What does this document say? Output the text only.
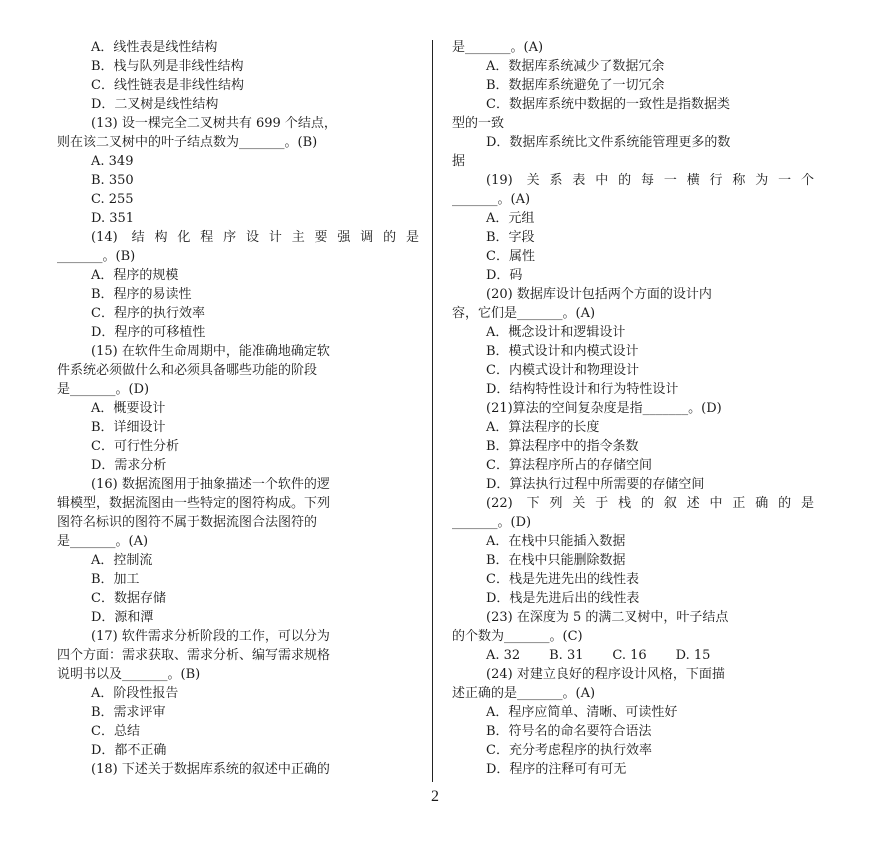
A．线性表是线性结构
B．栈与队列是非线性结构
C．线性链表是非线性结构
D．二叉树是线性结构
(13) 设一棵完全二叉树共有 699 个结点，
则在该二叉树中的叶子结点数为_______。(B)
A. 349
B. 350
C. 255
D. 351
(14) 结构化程序设计主要强调的是
_______。(B)
A．程序的规模
B．程序的易读性
C．程序的执行效率
D．程序的可移植性
(15) 在软件生命周期中，能准确地确定软
件系统必须做什么和必须具备哪些功能的阶段
是_______。(D)
A．概要设计
B．详细设计
C．可行性分析
D．需求分析
(16) 数据流图用于抽象描述一个软件的逻
辑模型，数据流图由一些特定的图符构成。下列
图符名标识的图符不属于数据流图合法图符的
是_______。(A)
A．控制流
B．加工
C．数据存储
D．源和潭
(17) 软件需求分析阶段的工作，可以分为
四个方面：需求获取、需求分析、编写需求规格
说明书以及_______。(B)
A．阶段性报告
B．需求评审
C．总结
D．都不正确
(18) 下述关于数据库系统的叙述中正确的
是_______。(A)
A．数据库系统减少了数据冗余
B．数据库系统避免了一切冗余
C．数据库系统中数据的一致性是指数据类
型的一致
D．数据库系统比文件系统能管理更多的数
据
(19) 关系表中的每一横行称为一个
_______。(A)
A．元组
B．字段
C．属性
D．码
(20) 数据库设计包括两个方面的设计内
容，它们是_______。(A)
A．概念设计和逻辑设计
B．模式设计和内模式设计
C．内模式设计和物理设计
D．结构特性设计和行为特性设计
(21)算法的空间复杂度是指_______。(D)
A．算法程序的长度
B．算法程序中的指令条数
C．算法程序所占的存储空间
D．算法执行过程中所需要的存储空间
(22) 下列关于栈的叙述中正确的是
_______。(D)
A．在栈中只能插入数据
B．在栈中只能删除数据
C．栈是先进先出的线性表
D．栈是先进后出的线性表
(23) 在深度为 5 的满二叉树中，叶子结点
的个数为_______。(C)
A. 32       B. 31       C. 16       D. 15
(24) 对建立良好的程序设计风格，下面描
述正确的是_______。(A)
A．程序应简单、清晰、可读性好
B．符号名的命名要符合语法
C．充分考虑程序的执行效率
D．程序的注释可有可无
2
